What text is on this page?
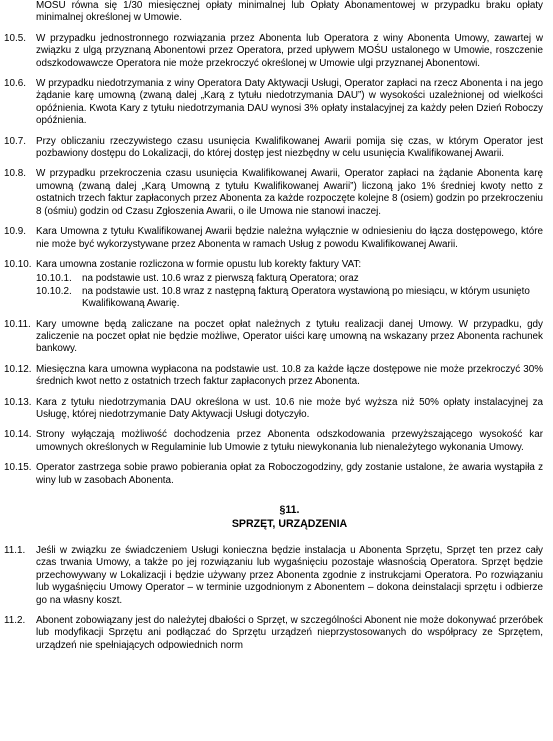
MOŚU równa się 1/30 miesięcznej opłaty minimalnej lub Opłaty Abonamentowej w przypadku braku opłaty minimalnej określonej w Umowie.
10.5. W przypadku jednostronnego rozwiązania przez Abonenta lub Operatora z winy Abonenta Umowy, zawartej w związku z ulgą przyznaną Abonentowi przez Operatora, przed upływem MOŚU ustalonego w Umowie, roszczenie odszkodowawcze Operatora nie może przekroczyć określonej w Umowie ulgi przyznanej Abonentowi.
10.6. W przypadku niedotrzymania z winy Operatora Daty Aktywacji Usługi, Operator zapłaci na rzecz Abonenta i na jego żądanie karę umowną (zwaną dalej „Karą z tytułu niedotrzymania DAU”) w wysokości uzależnionej od wielkości opóźnienia. Kwota Kary z tytułu niedotrzymania DAU wynosi 3% opłaty instalacyjnej za każdy pełen Dzień Roboczy opóźnienia.
10.7. Przy obliczaniu rzeczywistego czasu usunięcia Kwalifikowanej Awarii pomija się czas, w którym Operator jest pozbawiony dostępu do Lokalizacji, do której dostęp jest niezbędny w celu usunięcia Kwalifikowanej Awarii.
10.8. W przypadku przekroczenia czasu usunięcia Kwalifikowanej Awarii, Operator zapłaci na żądanie Abonenta karę umowną (zwaną dalej „Karą Umowną z tytułu Kwalifikowanej Awarii”) liczoną jako 1% średniej kwoty netto z ostatnich trzech faktur zapłaconych przez Abonenta za każde rozpoczęte kolejne 8 (osiem) godzin po przekroczeniu 8 (ośmiu) godzin od Czasu Zgłoszenia Awarii, o ile Umowa nie stanowi inaczej.
10.9. Kara Umowna z tytułu Kwalifikowanej Awarii będzie należna wyłącznie w odniesieniu do łącza dostępowego, które nie może być wykorzystywane przez Abonenta w ramach Usług z powodu Kwalifikowanej Awarii.
10.10. Kara umowna zostanie rozliczona w formie opustu lub korekty faktury VAT:
10.10.1. na podstawie ust. 10.6 wraz z pierwszą fakturą Operatora; oraz
10.10.2. na podstawie ust. 10.8 wraz z następną fakturą Operatora wystawioną po miesiącu, w którym usunięto Kwalifikowaną Awarię.
10.11. Kary umowne będą zaliczane na poczet opłat należnych z tytułu realizacji danej Umowy. W przypadku, gdy zaliczenie na poczet opłat nie będzie możliwe, Operator uiści karę umowną na wskazany przez Abonenta rachunek bankowy.
10.12. Miesięczna kara umowna wypłacona na podstawie ust. 10.8 za każde łącze dostępowe nie może przekroczyć 30% średnich kwot netto z ostatnich trzech faktur zapłaconych przez Abonenta.
10.13. Kara z tytułu niedotrzymania DAU określona w ust. 10.6 nie może być wyższa niż 50% opłaty instalacyjnej za Usługę, której niedotrzymanie Daty Aktywacji Usługi dotyczyło.
10.14. Strony wyłączają możliwość dochodzenia przez Abonenta odszkodowania przewyższającego wysokość kar umownych określonych w Regulaminie lub Umowie z tytułu niewykonania lub nienależytego wykonania Umowy.
10.15. Operator zastrzega sobie prawo pobierania opłat za Roboczogodziny, gdy zostanie ustalone, że awaria wystąpiła z winy lub w zasobach Abonenta.
§11.
SPRZĘT, URZĄDZENIA
11.1. Jeśli w związku ze świadczeniem Usługi konieczna będzie instalacja u Abonenta Sprzętu, Sprzęt ten przez cały czas trwania Umowy, a także po jej rozwiązaniu lub wygaśnięciu pozostaje własnością Operatora. Sprzęt będzie przechowywany w Lokalizacji i będzie używany przez Abonenta zgodnie z instrukcjami Operatora. Po rozwiązaniu lub wygaśnięciu Umowy Operator – w terminie uzgodnionym z Abonentem – dokona deinstalacji sprzętu i odbierze go na własny koszt.
11.2. Abonent zobowiązany jest do należytej dbałości o Sprzęt, w szczególności Abonent nie może dokonywać przeróbek lub modyfikacji Sprzętu ani podłączać do Sprzętu urządzeń nieprzystosowanych do współpracy ze Sprzętem, urządzeń nie spełniających odpowiednich norm
